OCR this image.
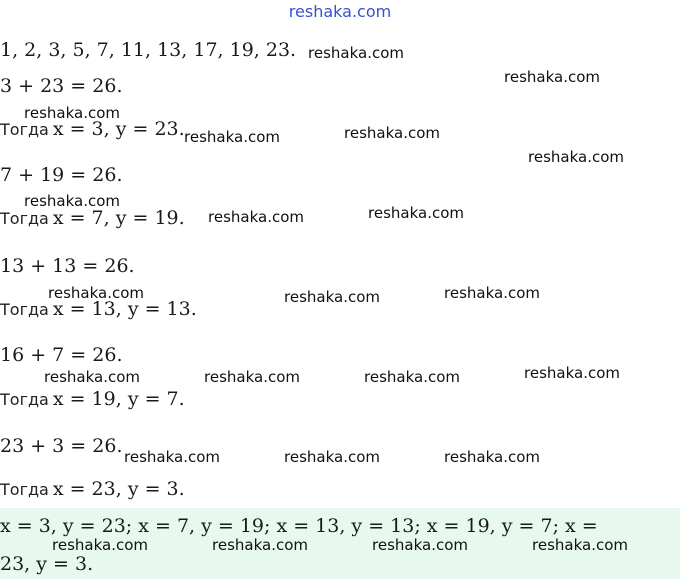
reshaka.com
1, 2, 3, 5, 7, 11, 13, 17, 19, 23.
3 + 23 = 26.
Тогда x = 3, y = 23.
7 + 19 = 26.
Тогда x = 7, y = 19.
13 + 13 = 26.
Тогда x = 13, y = 13.
16 + 7 = 26.
Тогда x = 19, y = 7.
23 + 3 = 26.
Тогда x = 23, y = 3.
x = 3, y = 23; x = 7, y = 19; x = 13, y = 13; x = 19, y = 7; x =
23, y = 3.
reshaka.com
reshaka.com
reshaka.com
reshaka.com	reshaka.com
reshaka.com
reshaka.com
reshaka.com	reshaka.com
reshaka.com	reshaka.com	reshaka.com
reshaka.com	reshaka.com	reshaka.com	reshaka.com
reshaka.com	reshaka.com	reshaka.com
reshaka.com	reshaka.com	reshaka.com	reshaka.com
